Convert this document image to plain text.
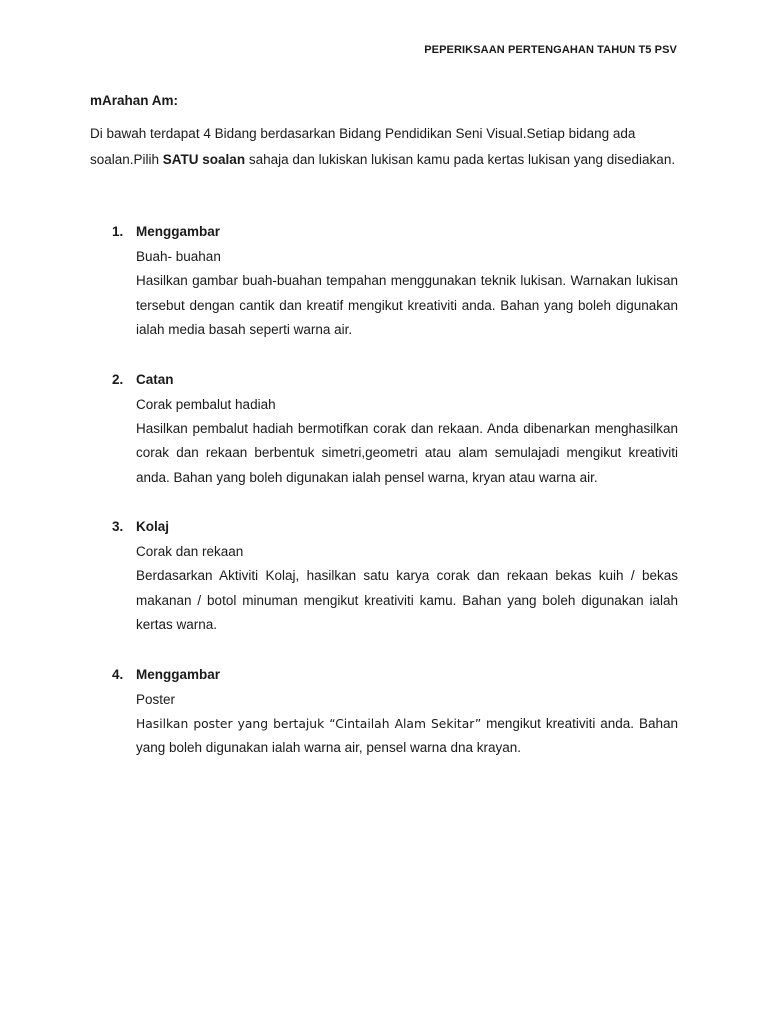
PEPERIKSAAN PERTENGAHAN TAHUN T5 PSV
mArahan Am:
Di bawah terdapat 4 Bidang berdasarkan Bidang Pendidikan Seni Visual.Setiap bidang ada soalan.Pilih SATU soalan sahaja dan lukiskan lukisan kamu pada kertas lukisan yang disediakan.
1. Menggambar
Buah- buahan
Hasilkan gambar buah-buahan tempahan menggunakan teknik lukisan. Warnakan lukisan tersebut dengan cantik dan kreatif mengikut kreativiti anda. Bahan yang boleh digunakan ialah media basah seperti warna air.
2. Catan
Corak pembalut hadiah
Hasilkan pembalut hadiah bermotifkan corak dan rekaan. Anda dibenarkan menghasilkan corak dan rekaan berbentuk simetri,geometri atau alam semulajadi mengikut kreativiti anda. Bahan yang boleh digunakan ialah pensel warna, kryan atau warna air.
3. Kolaj
Corak dan rekaan
Berdasarkan Aktiviti Kolaj, hasilkan satu karya corak dan rekaan bekas kuih / bekas makanan / botol minuman mengikut kreativiti kamu. Bahan yang boleh digunakan ialah kertas warna.
4. Menggambar
Poster
Hasilkan poster yang bertajuk “Cintailah Alam Sekitar” mengikut kreativiti anda. Bahan yang boleh digunakan ialah warna air, pensel warna dna krayan.
